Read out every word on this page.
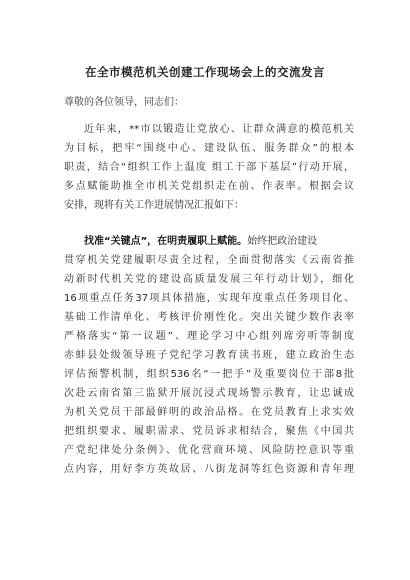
在全市模范机关创建工作现场会上的交流发言
尊敬的各位领导，同志们：
近年来，**市以锻造让党放心、让群众满意的模范机关
为目标，把牢“围绕中心、建设队伍、服务群众”的根本
职责，结合“组织工作上温度 组工干部下基层”行动开展，
多点赋能助推全市机关党组织走在前、作表率。根据会议
安排，现将有关工作进展情况汇报如下：
找准“关键点”，在明责履职上赋能。始终把政治建设
贯穿机关党建履职尽责全过程，全面贯彻落实《云南省推
动新时代机关党的建设高质量发展三年行动计划》，细化
16项重点任务37项具体措施，实现年度重点任务项目化、
基础工作清单化、考核评价刚性化。突出关键少数作表率
严格落实“第一议题”、理论学习中心组列席旁听等制度
赤蚌县处级领导班子党纪学习教育读书班，建立政治生态
评估预警机制，组织536名“一把手”及重要岗位干部8批
次赴云南省第三监狱开展沉浸式现场警示教育，让忠诚成
为机关党员干部最鲜明的政治品格。在党员教育上求实效
把组织要求、履职需求、党员诉求相结合，聚焦《中国共
产党纪律处分条例》、优化营商环境、风险防控意识等重
点内容，用好李方英故居、八街龙洞等红色资源和青年理
